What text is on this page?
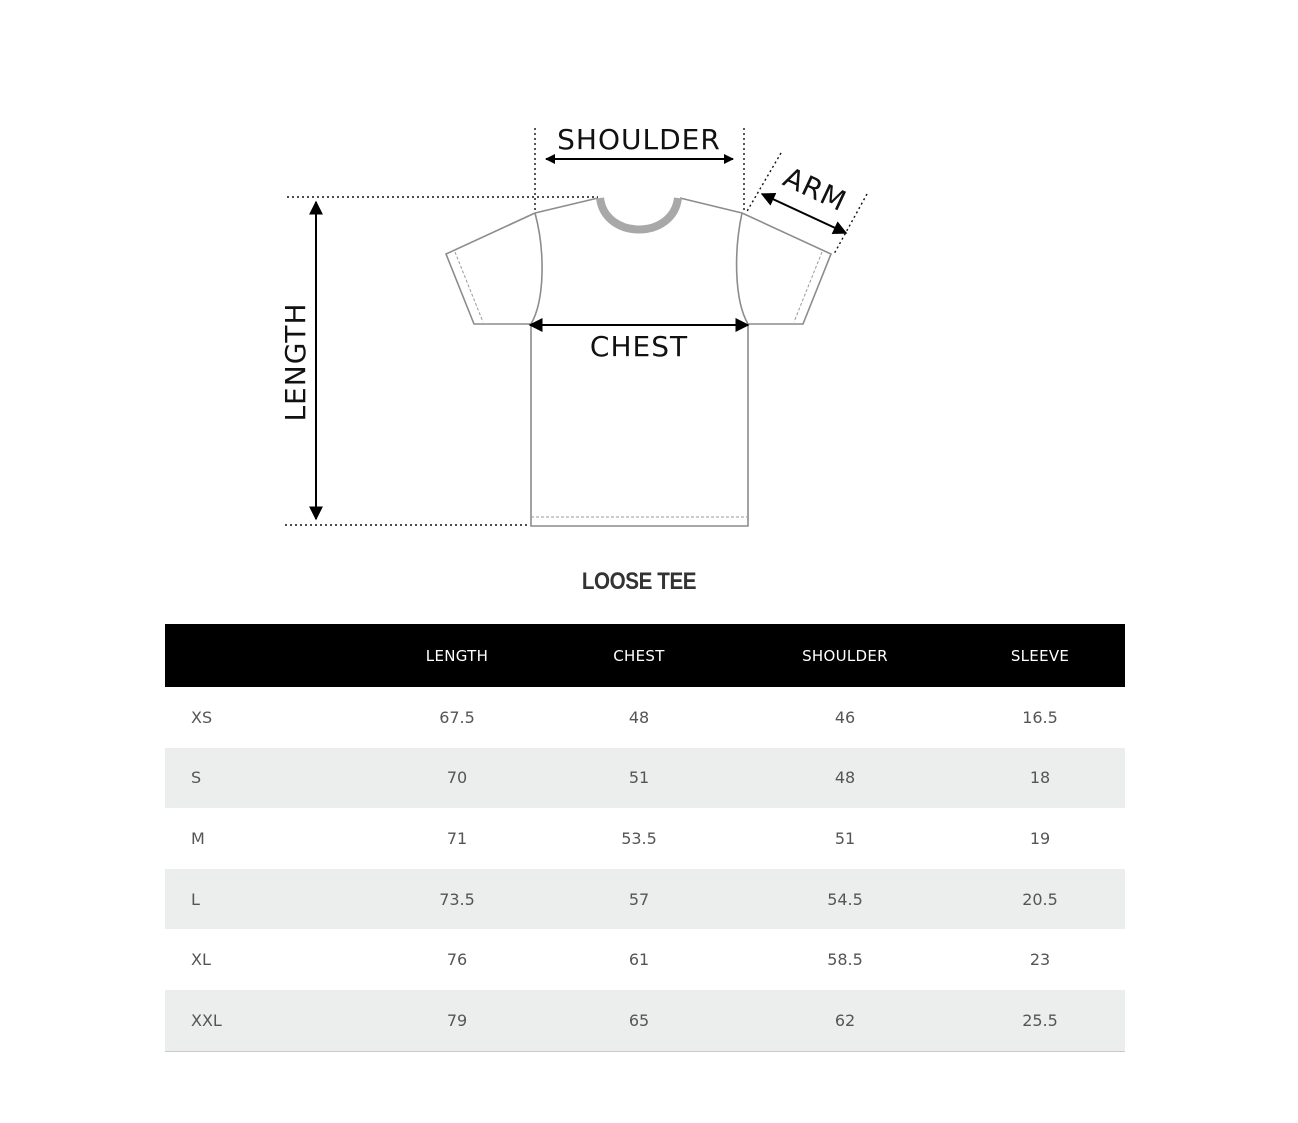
SHOULDER
CHEST
LENGTH
ARM
LOOSE TEE
	LENGTH	CHEST	SHOULDER	SLEEVE
XS	67.5	48	46	16.5
S	70	51	48	18
M	71	53.5	51	19
L	73.5	57	54.5	20.5
XL	76	61	58.5	23
XXL	79	65	62	25.5
